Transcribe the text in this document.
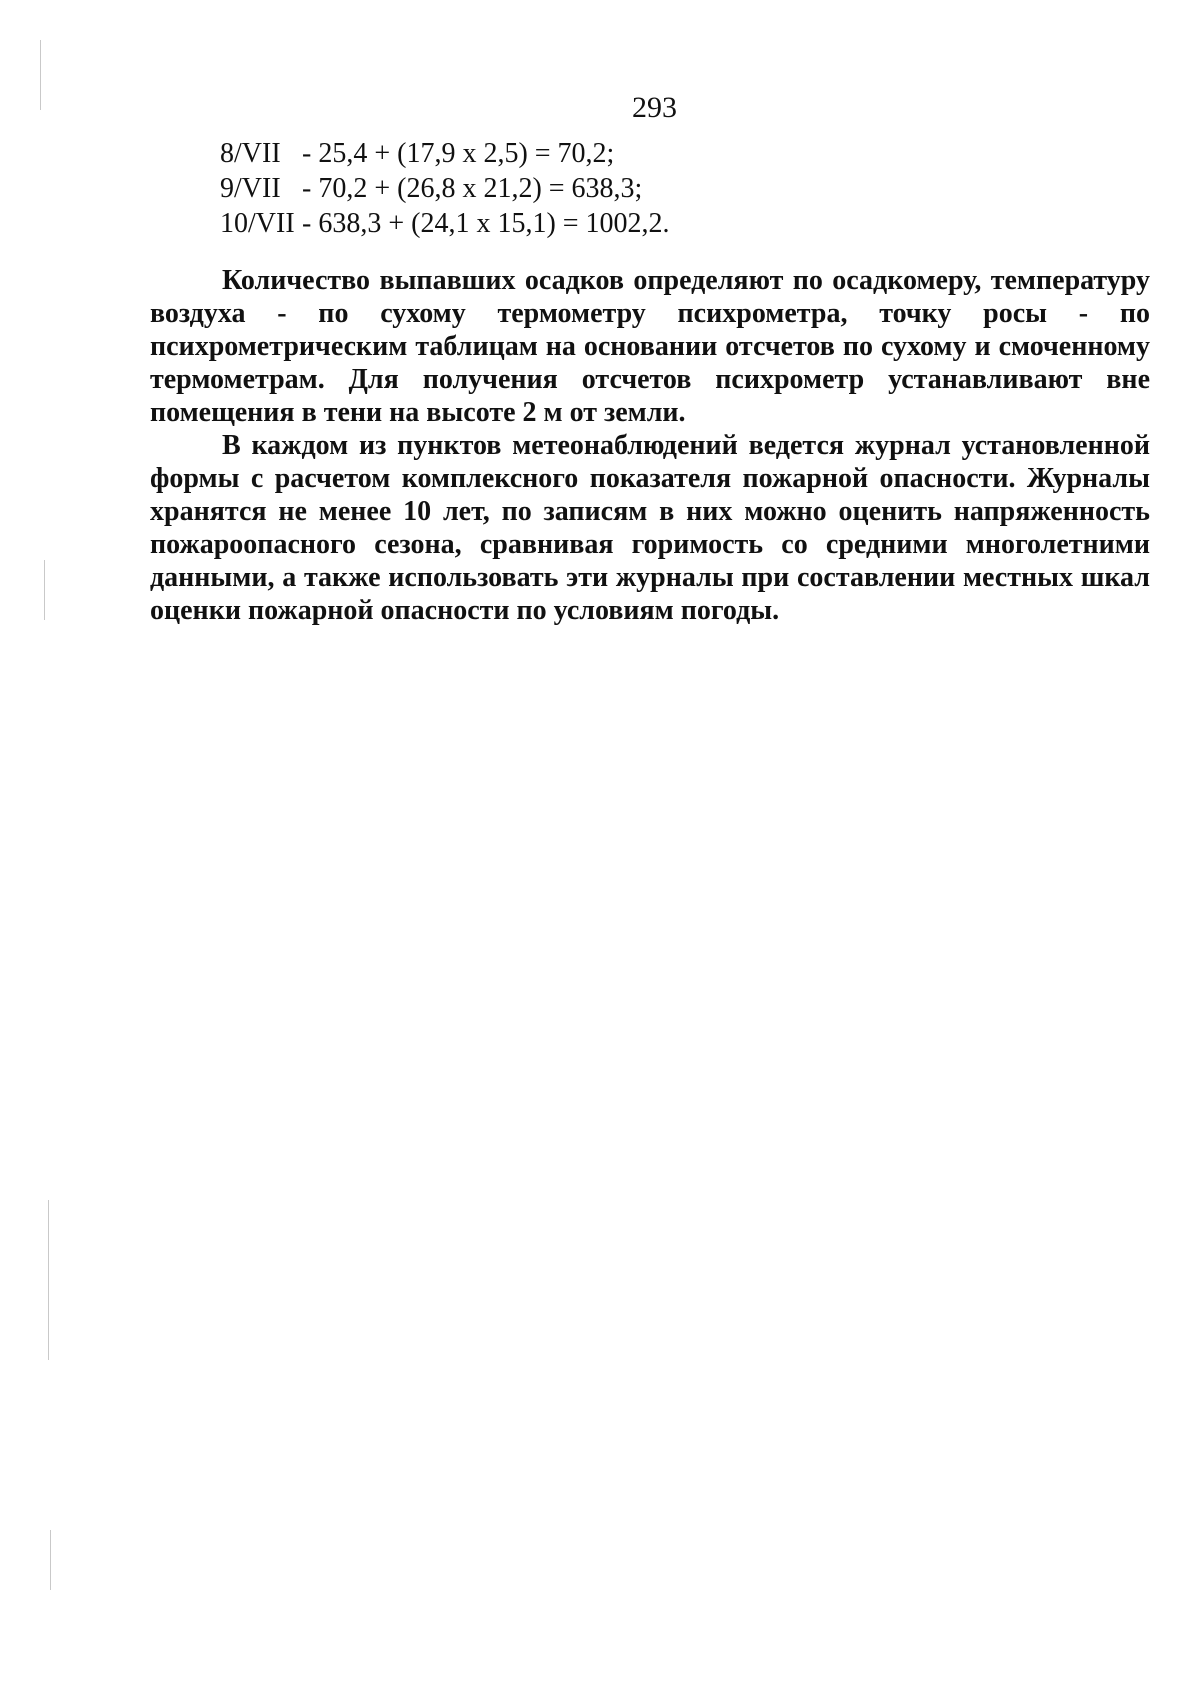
293
8/VII - 25,4 + (17,9 x 2,5) = 70,2;
9/VII - 70,2 + (26,8 x 21,2) = 638,3;
10/VII - 638,3 + (24,1 x 15,1) = 1002,2.

Количество выпавших осадков определяют по осадкомеру, температуру воздуха - по сухому термометру психрометра, точку росы - по психрометрическим таблицам на основании отсчетов по сухому и смоченному термометрам. Для получения отсчетов психрометр устанавливают вне помещения в тени на высоте 2 м от земли.

В каждом из пунктов метеонаблюдений ведется журнал установленной формы с расчетом комплексного показателя пожарной опасности. Журналы хранятся не менее 10 лет, по записям в них можно оценить напряженность пожароопасного сезона, сравнивая горимость со средними многолетними данными, а также использовать эти журналы при составлении местных шкал оценки пожарной опасности по условиям погоды.
